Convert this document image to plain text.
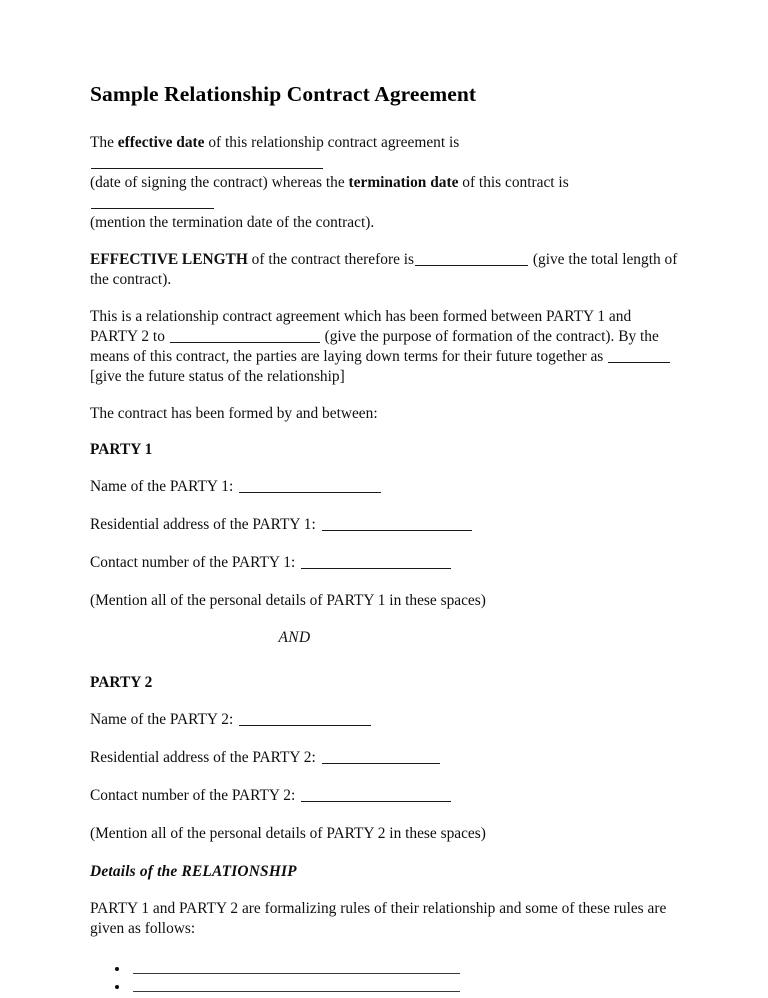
Sample Relationship Contract Agreement

The effective date of this relationship contract agreement is
(date of signing the contract) whereas the termination date of this contract is
(mention the termination date of the contract).

EFFECTIVE LENGTH of the contract therefore is	(give the total length of the contract).

This is a relationship contract agreement which has been formed between PARTY 1 and PARTY 2 to	(give the purpose of formation of the contract). By the means of this contract, the parties are laying down terms for their future together as  [give the future status of the relationship]

The contract has been formed by and between:

PARTY 1
Name of the PARTY 1:
Residential address of the PARTY 1:
Contact number of the PARTY 1:
(Mention all of the personal details of PARTY 1 in these spaces)
AND
PARTY 2
Name of the PARTY 2:
Residential address of the PARTY 2:
Contact number of the PARTY 2:
(Mention all of the personal details of PARTY 2 in these spaces)
Details of the RELATIONSHIP

PARTY 1 and PARTY 2 are formalizing rules of their relationship and some of these rules are given as follows:
